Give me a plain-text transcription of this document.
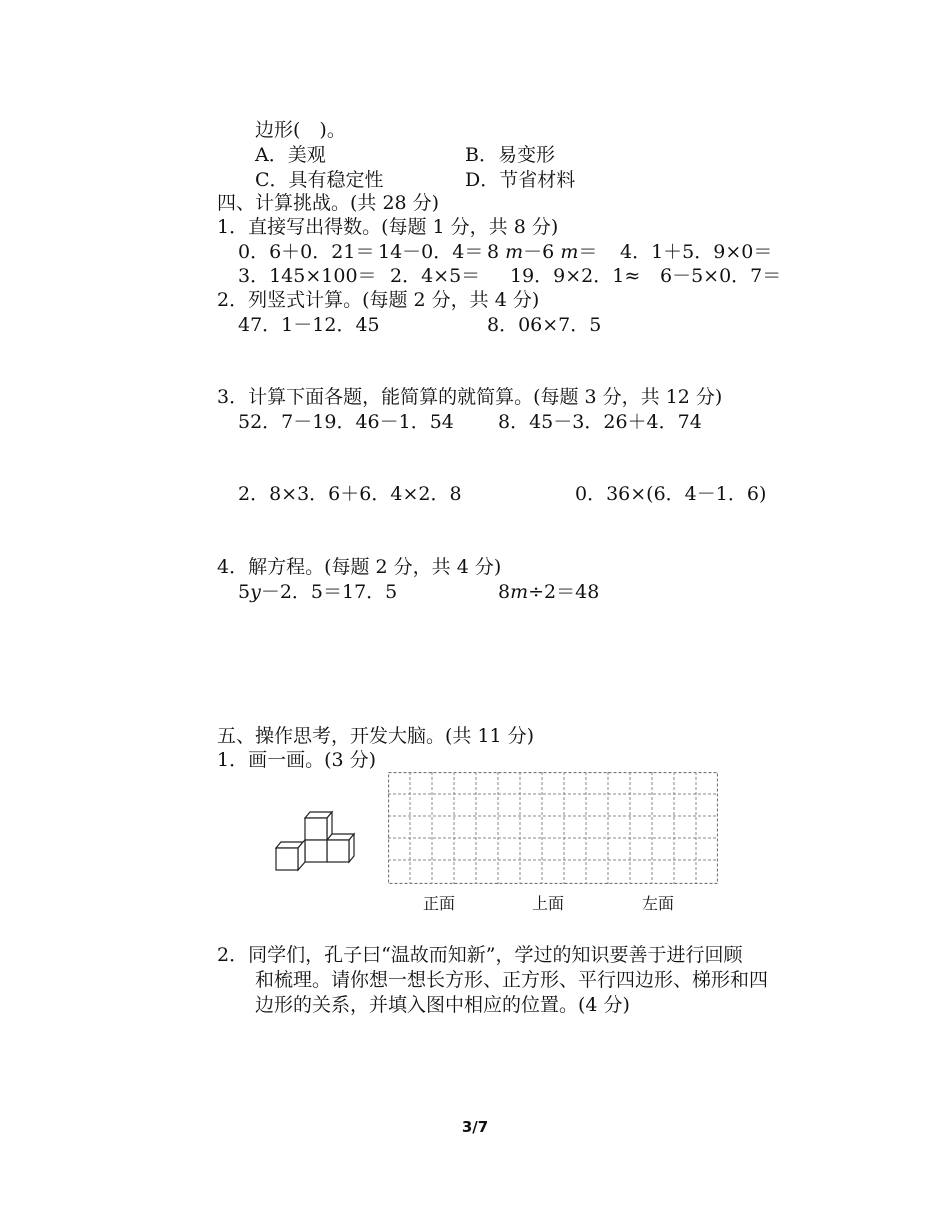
边形(　)。
A．美观	B．易变形
C．具有稳定性	D．节省材料
四、计算挑战。(共 28 分)
1．直接写出得数。(每题 1 分，共 8 分)
0．6＋0．21＝ 14－0．4＝ 8 m－6 m＝ 4．1＋5．9×0＝
3．145×100＝ 2．4×5＝ 19．9×2．1≈ 6－5×0．7＝
2．列竖式计算。(每题 2 分，共 4 分)
47．1－12．45	8．06×7．5
3．计算下面各题，能简算的就简算。(每题 3 分，共 12 分)
52．7－19．46－1．54 8．45－3．26＋4．74
2．8×3．6＋6．4×2．8	0．36×(6．4－1．6)
4．解方程。(每题 2 分，共 4 分)
5y－2．5＝17．5	8m÷2＝48
五、操作思考，开发大脑。(共 11 分)
1．画一画。(3 分)
正面	上面	左面
2．同学们，孔子曰“温故而知新”，学过的知识要善于进行回顾
和梳理。请你想一想长方形、正方形、平行四边形、梯形和四
边形的关系，并填入图中相应的位置。(4 分)
3/7
